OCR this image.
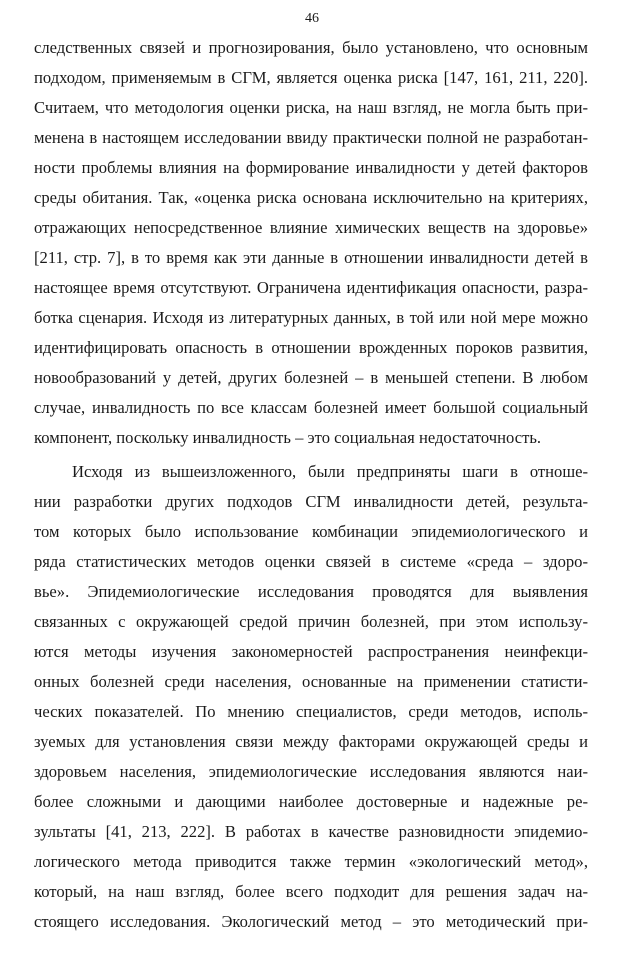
46
следственных связей и прогнозирования, было установлено, что основным
подходом, применяемым в СГМ, является оценка риска [147, 161, 211, 220].
Считаем, что методология оценки риска, на наш взгляд, не могла быть при-
менена в настоящем исследовании ввиду практически полной не разработан-
ности проблемы влияния на формирование инвалидности у детей факторов
среды обитания. Так, «оценка риска основана исключительно на критериях,
отражающих непосредственное влияние химических веществ на здоровье»
[211, стр. 7], в то время как эти данные в отношении инвалидности детей в
настоящее время отсутствуют. Ограничена идентификация опасности, разра-
ботка сценария. Исходя из литературных данных, в той или ной мере можно
идентифицировать опасность в отношении врожденных пороков развития,
новообразований у детей, других болезней – в меньшей степени. В любом
случае, инвалидность по все классам болезней имеет большой социальный
компонент, поскольку инвалидность – это социальная недостаточность.
Исходя из вышеизложенного, были предприняты шаги в отноше-
нии разработки других подходов СГМ инвалидности детей, результа-
том которых было использование комбинации эпидемиологического и
ряда статистических методов оценки связей в системе «среда – здоро-
вье». Эпидемиологические исследования проводятся для выявления
связанных с окружающей средой причин болезней, при этом использу-
ются методы изучения закономерностей распространения неинфекци-
онных болезней среди населения, основанные на применении статисти-
ческих показателей. По мнению специалистов, среди методов, исполь-
зуемых для установления связи между факторами окружающей среды и
здоровьем населения, эпидемиологические исследования являются наи-
более сложными и дающими наиболее достоверные и надежные ре-
зультаты [41, 213, 222]. В работах в качестве разновидности эпидемио-
логического метода приводится также термин «экологический метод»,
который, на наш взгляд, более всего подходит для решения задач на-
стоящего исследования. Экологический метод – это методический при-
